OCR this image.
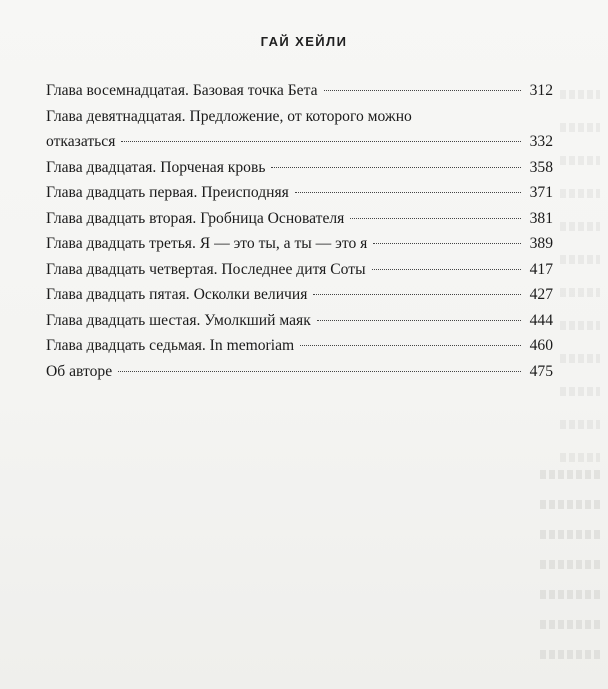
ГАЙ ХЕЙЛИ
Глава восемнадцатая. Базовая точка Бета	312
Глава девятнадцатая. Предложение, от которого можно
отказаться	332
Глава двадцатая. Порченая кровь	358
Глава двадцать первая. Преисподняя	371
Глава двадцать вторая. Гробница Основателя	381
Глава двадцать третья. Я — это ты, а ты — это я	389
Глава двадцать четвертая. Последнее дитя Соты	417
Глава двадцать пятая. Осколки величия	427
Глава двадцать шестая. Умолкший маяк	444
Глава двадцать седьмая. In memoriam	460
Об авторе	475
